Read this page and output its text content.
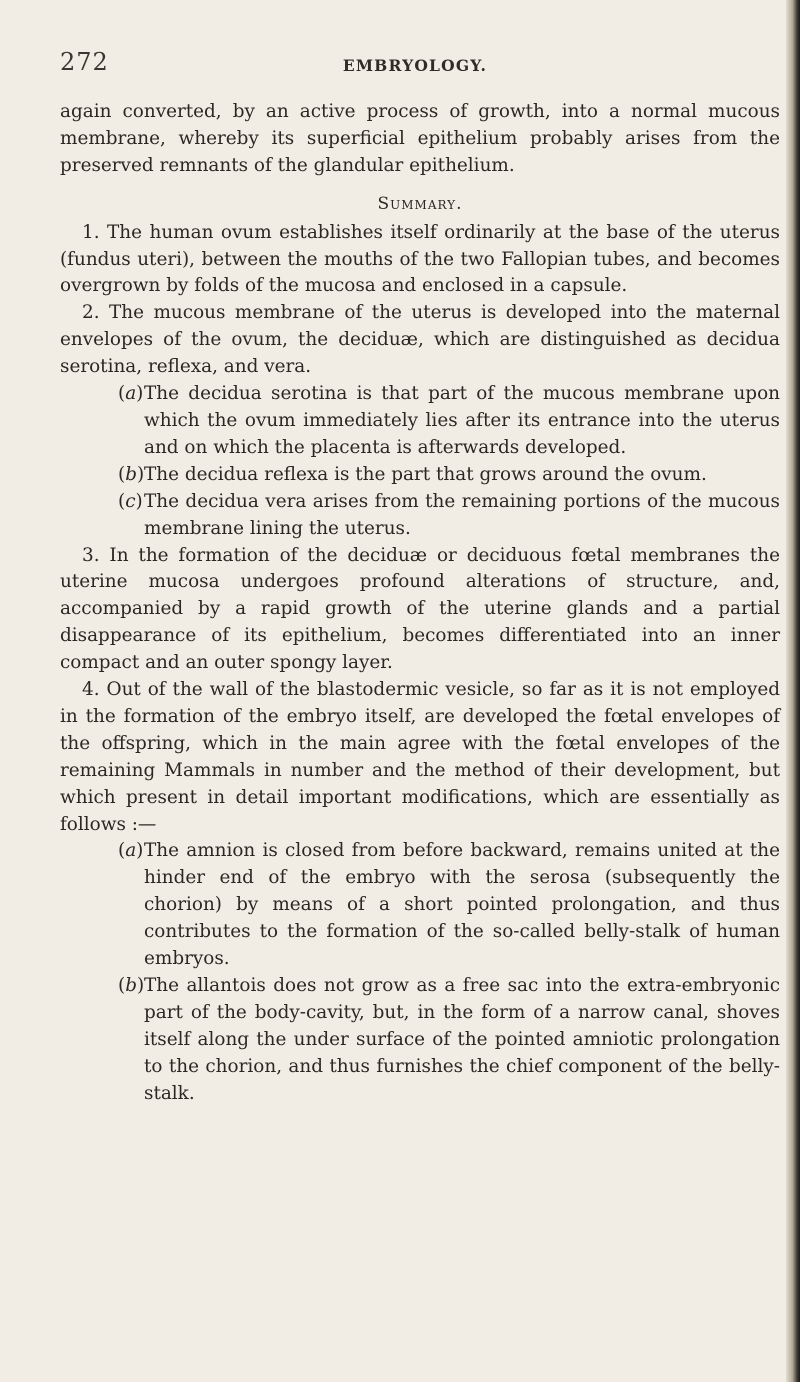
272	EMBRYOLOGY.

again converted, by an active process of growth, into a normal mucous membrane, whereby its superficial epithelium probably arises from the preserved remnants of the glandular epithelium.

Summary.

1. The human ovum establishes itself ordinarily at the base of the uterus (fundus uteri), between the mouths of the two Fallopian tubes, and becomes overgrown by folds of the mucosa and enclosed in a capsule.

2. The mucous membrane of the uterus is developed into the maternal envelopes of the ovum, the deciduæ, which are distinguished as decidua serotina, reflexa, and vera.

(a) The decidua serotina is that part of the mucous membrane upon which the ovum immediately lies after its entrance into the uterus and on which the placenta is afterwards developed.

(b) The decidua reflexa is the part that grows around the ovum.

(c) The decidua vera arises from the remaining portions of the mucous membrane lining the uterus.

3. In the formation of the deciduæ or deciduous fœtal membranes the uterine mucosa undergoes profound alterations of structure, and, accompanied by a rapid growth of the uterine glands and a partial disappearance of its epithelium, becomes differentiated into an inner compact and an outer spongy layer.

4. Out of the wall of the blastodermic vesicle, so far as it is not employed in the formation of the embryo itself, are developed the fœtal envelopes of the offspring, which in the main agree with the fœtal envelopes of the remaining Mammals in number and the method of their development, but which present in detail important modifications, which are essentially as follows :—

(a) The amnion is closed from before backward, remains united at the hinder end of the embryo with the serosa (subsequently the chorion) by means of a short pointed prolongation, and thus contributes to the formation of the so-called belly-stalk of human embryos.

(b) The allantois does not grow as a free sac into the extra-embryonic part of the body-cavity, but, in the form of a narrow canal, shoves itself along the under surface of the pointed amniotic prolongation to the chorion, and thus furnishes the chief component of the belly-stalk.
